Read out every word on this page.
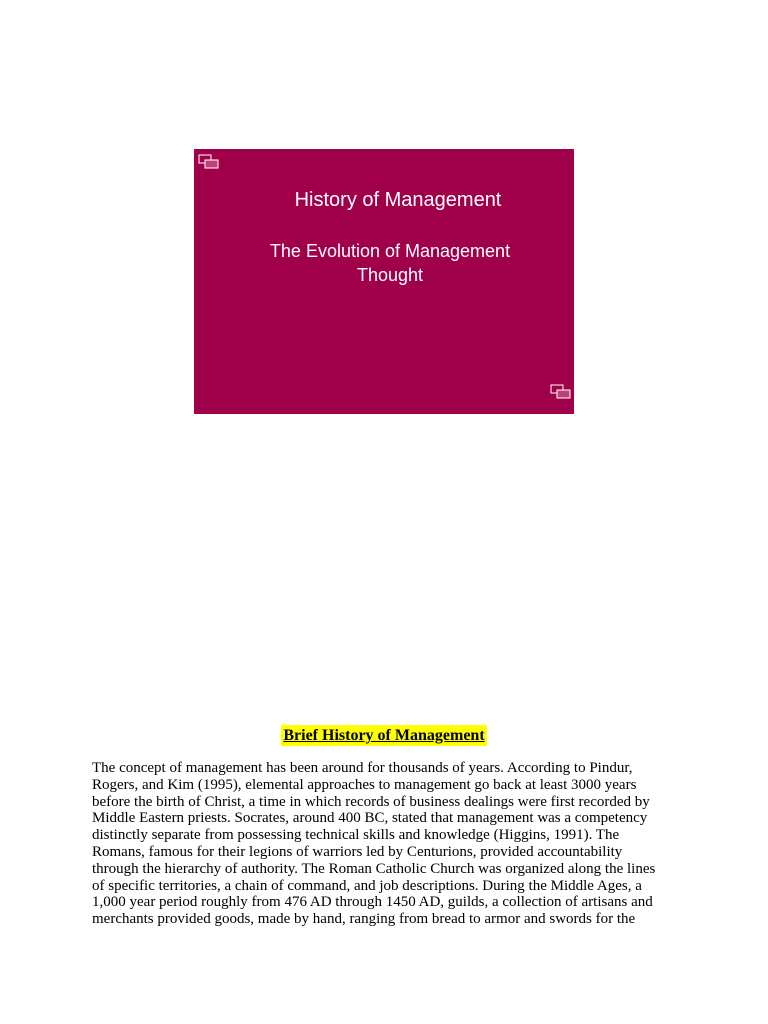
History of Management
The Evolution of Management
Thought
Brief History of Management

The concept of management has been around for thousands of years. According to Pindur,
Rogers, and Kim (1995), elemental approaches to management go back at least 3000 years
before the birth of Christ, a time in which records of business dealings were first recorded by
Middle Eastern priests. Socrates, around 400 BC, stated that management was a competency
distinctly separate from possessing technical skills and knowledge (Higgins, 1991). The
Romans, famous for their legions of warriors led by Centurions, provided accountability
through the hierarchy of authority. The Roman Catholic Church was organized along the lines
of specific territories, a chain of command, and job descriptions. During the Middle Ages, a
1,000 year period roughly from 476 AD through 1450 AD, guilds, a collection of artisans and
merchants provided goods, made by hand, ranging from bread to armor and swords for the
